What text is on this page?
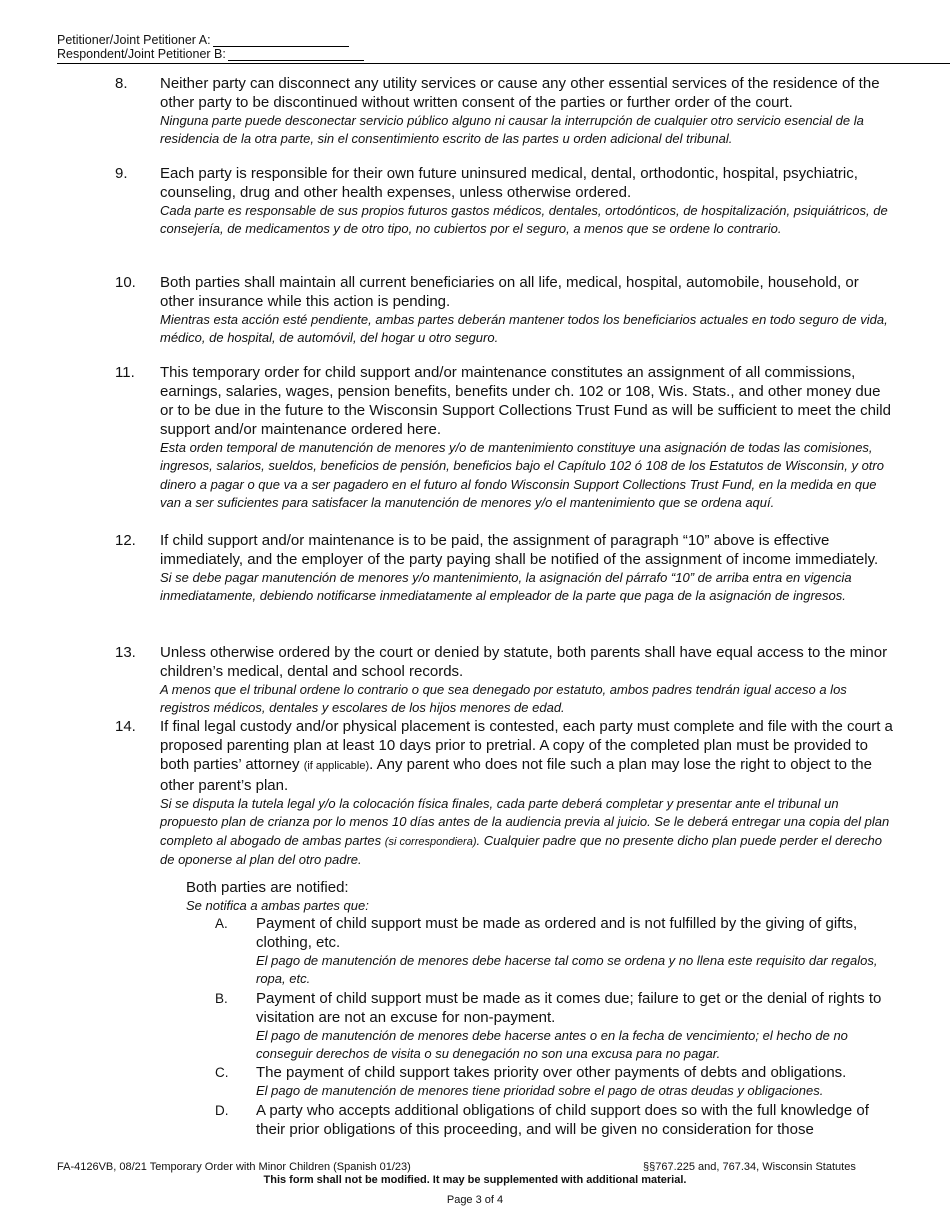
Petitioner/Joint Petitioner A:
Respondent/Joint Petitioner B:
8. Neither party can disconnect any utility services or cause any other essential services of the residence of the other party to be discontinued without written consent of the parties or further order of the court.
Ninguna parte puede desconectar servicio público alguno ni causar la interrupción de cualquier otro servicio esencial de la residencia de la otra parte, sin el consentimiento escrito de las partes u orden adicional del tribunal.
9. Each party is responsible for their own future uninsured medical, dental, orthodontic, hospital, psychiatric, counseling, drug and other health expenses, unless otherwise ordered.
Cada parte es responsable de sus propios futuros gastos médicos, dentales, ortodónticos, de hospitalización, psiquiátricos, de consejería, de medicamentos y de otro tipo, no cubiertos por el seguro, a menos que se ordene lo contrario.
10. Both parties shall maintain all current beneficiaries on all life, medical, hospital, automobile, household, or other insurance while this action is pending.
Mientras esta acción esté pendiente, ambas partes deberán mantener todos los beneficiarios actuales en todo seguro de vida, médico, de hospital, de automóvil, del hogar u otro seguro.
11. This temporary order for child support and/or maintenance constitutes an assignment of all commissions, earnings, salaries, wages, pension benefits, benefits under ch. 102 or 108, Wis. Stats., and other money due or to be due in the future to the Wisconsin Support Collections Trust Fund as will be sufficient to meet the child support and/or maintenance ordered here.
Esta orden temporal de manutención de menores y/o de mantenimiento constituye una asignación de todas las comisiones, ingresos, salarios, sueldos, beneficios de pensión, beneficios bajo el Capítulo 102 ó 108 de los Estatutos de Wisconsin, y otro dinero a pagar o que va a ser pagadero en el futuro al fondo Wisconsin Support Collections Trust Fund, en la medida en que van a ser suficientes para satisfacer la manutención de menores y/o el mantenimiento que se ordena aquí.
12. If child support and/or maintenance is to be paid, the assignment of paragraph “10” above is effective immediately, and the employer of the party paying shall be notified of the assignment of income immediately.
Si se debe pagar manutención de menores y/o mantenimiento, la asignación del párrafo “10” de arriba entra en vigencia inmediatamente, debiendo notificarse inmediatamente al empleador de la parte que paga de la asignación de ingresos.
13. Unless otherwise ordered by the court or denied by statute, both parents shall have equal access to the minor children’s medical, dental and school records.
A menos que el tribunal ordene lo contrario o que sea denegado por estatuto, ambos padres tendrán igual acceso a los registros médicos, dentales y escolares de los hijos menores de edad.
14. If final legal custody and/or physical placement is contested, each party must complete and file with the court a proposed parenting plan at least 10 days prior to pretrial. A copy of the completed plan must be provided to both parties’ attorney (if applicable). Any parent who does not file such a plan may lose the right to object to the other parent’s plan.
Si se disputa la tutela legal y/o la colocación física finales, cada parte deberá completar y presentar ante el tribunal un propuesto plan de crianza por lo menos 10 días antes de la audiencia previa al juicio. Se le deberá entregar una copia del plan completo al abogado de ambas partes (si correspondiera). Cualquier padre que no presente dicho plan puede perder el derecho de oponerse al plan del otro padre.
Both parties are notified:
Se notifica a ambas partes que:
A. Payment of child support must be made as ordered and is not fulfilled by the giving of gifts, clothing, etc.
El pago de manutención de menores debe hacerse tal como se ordena y no llena este requisito dar regalos, ropa, etc.
B. Payment of child support must be made as it comes due; failure to get or the denial of rights to visitation are not an excuse for non-payment.
El pago de manutención de menores debe hacerse antes o en la fecha de vencimiento; el hecho de no conseguir derechos de visita o su denegación no son una excusa para no pagar.
C. The payment of child support takes priority over other payments of debts and obligations.
El pago de manutención de menores tiene prioridad sobre el pago de otras deudas y obligaciones.
D. A party who accepts additional obligations of child support does so with the full knowledge of their prior obligations of this proceeding, and will be given no consideration for those
FA-4126VB, 08/21 Temporary Order with Minor Children (Spanish 01/23)	§§767.225 and, 767.34, Wisconsin Statutes
This form shall not be modified. It may be supplemented with additional material.
Page 3 of 4
